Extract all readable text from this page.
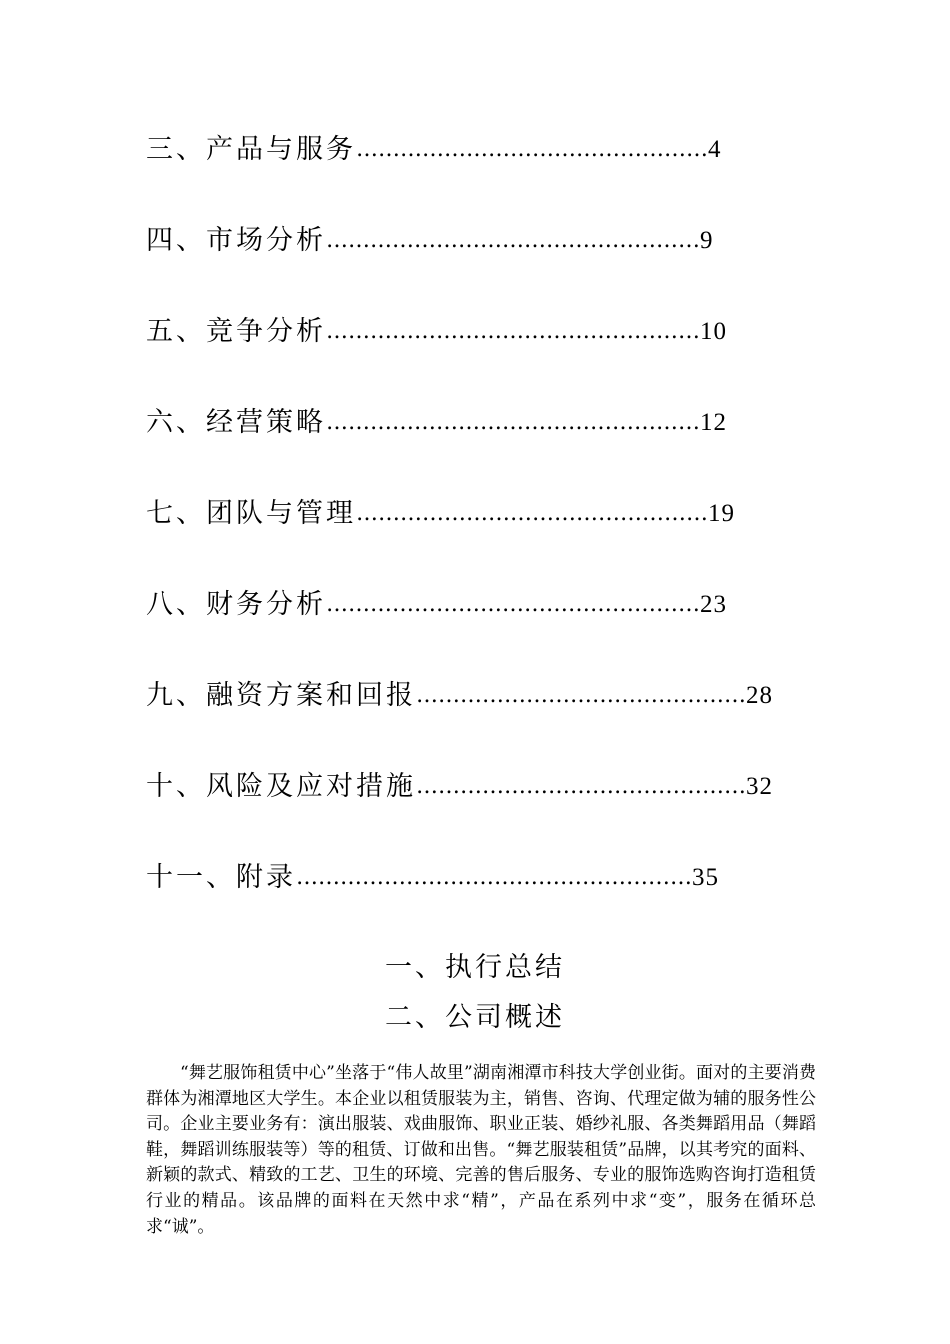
三、产品与服务 ………………………………………… 4
四、市场分析 …………………………………………… 9
五、竞争分析 …………………………………………… 10
六、经营策略 …………………………………………… 12
七、团队与管理 ………………………………………… 19
八、财务分析 …………………………………………… 23
九、融资方案和回报 ……………………………………… 28
十、风险及应对措施 ……………………………………… 32
十一、附录 ……………………………………………… 35
一、执行总结
二、公司概述

“舞艺服饰租赁中心”坐落于“伟人故里”湖南湘潭市科技大学创业街。面对的主要消费群体为湘潭地区大学生。本企业以租赁服装为主，销售、咨询、代理定做为辅的服务性公司。企业主要业务有：演出服装、戏曲服饰、职业正装、婚纱礼服、各类舞蹈用品（舞蹈鞋，舞蹈训练服装等）等的租赁、订做和出售。“舞艺服装租赁”品牌，以其考究的面料、新颖的款式、精致的工艺、卫生的环境、完善的售后服务、专业的服饰选购咨询打造租赁行业的精品。该品牌的面料在天然中求“精”，产品在系列中求“变”，服务在循环总求“诚”。
